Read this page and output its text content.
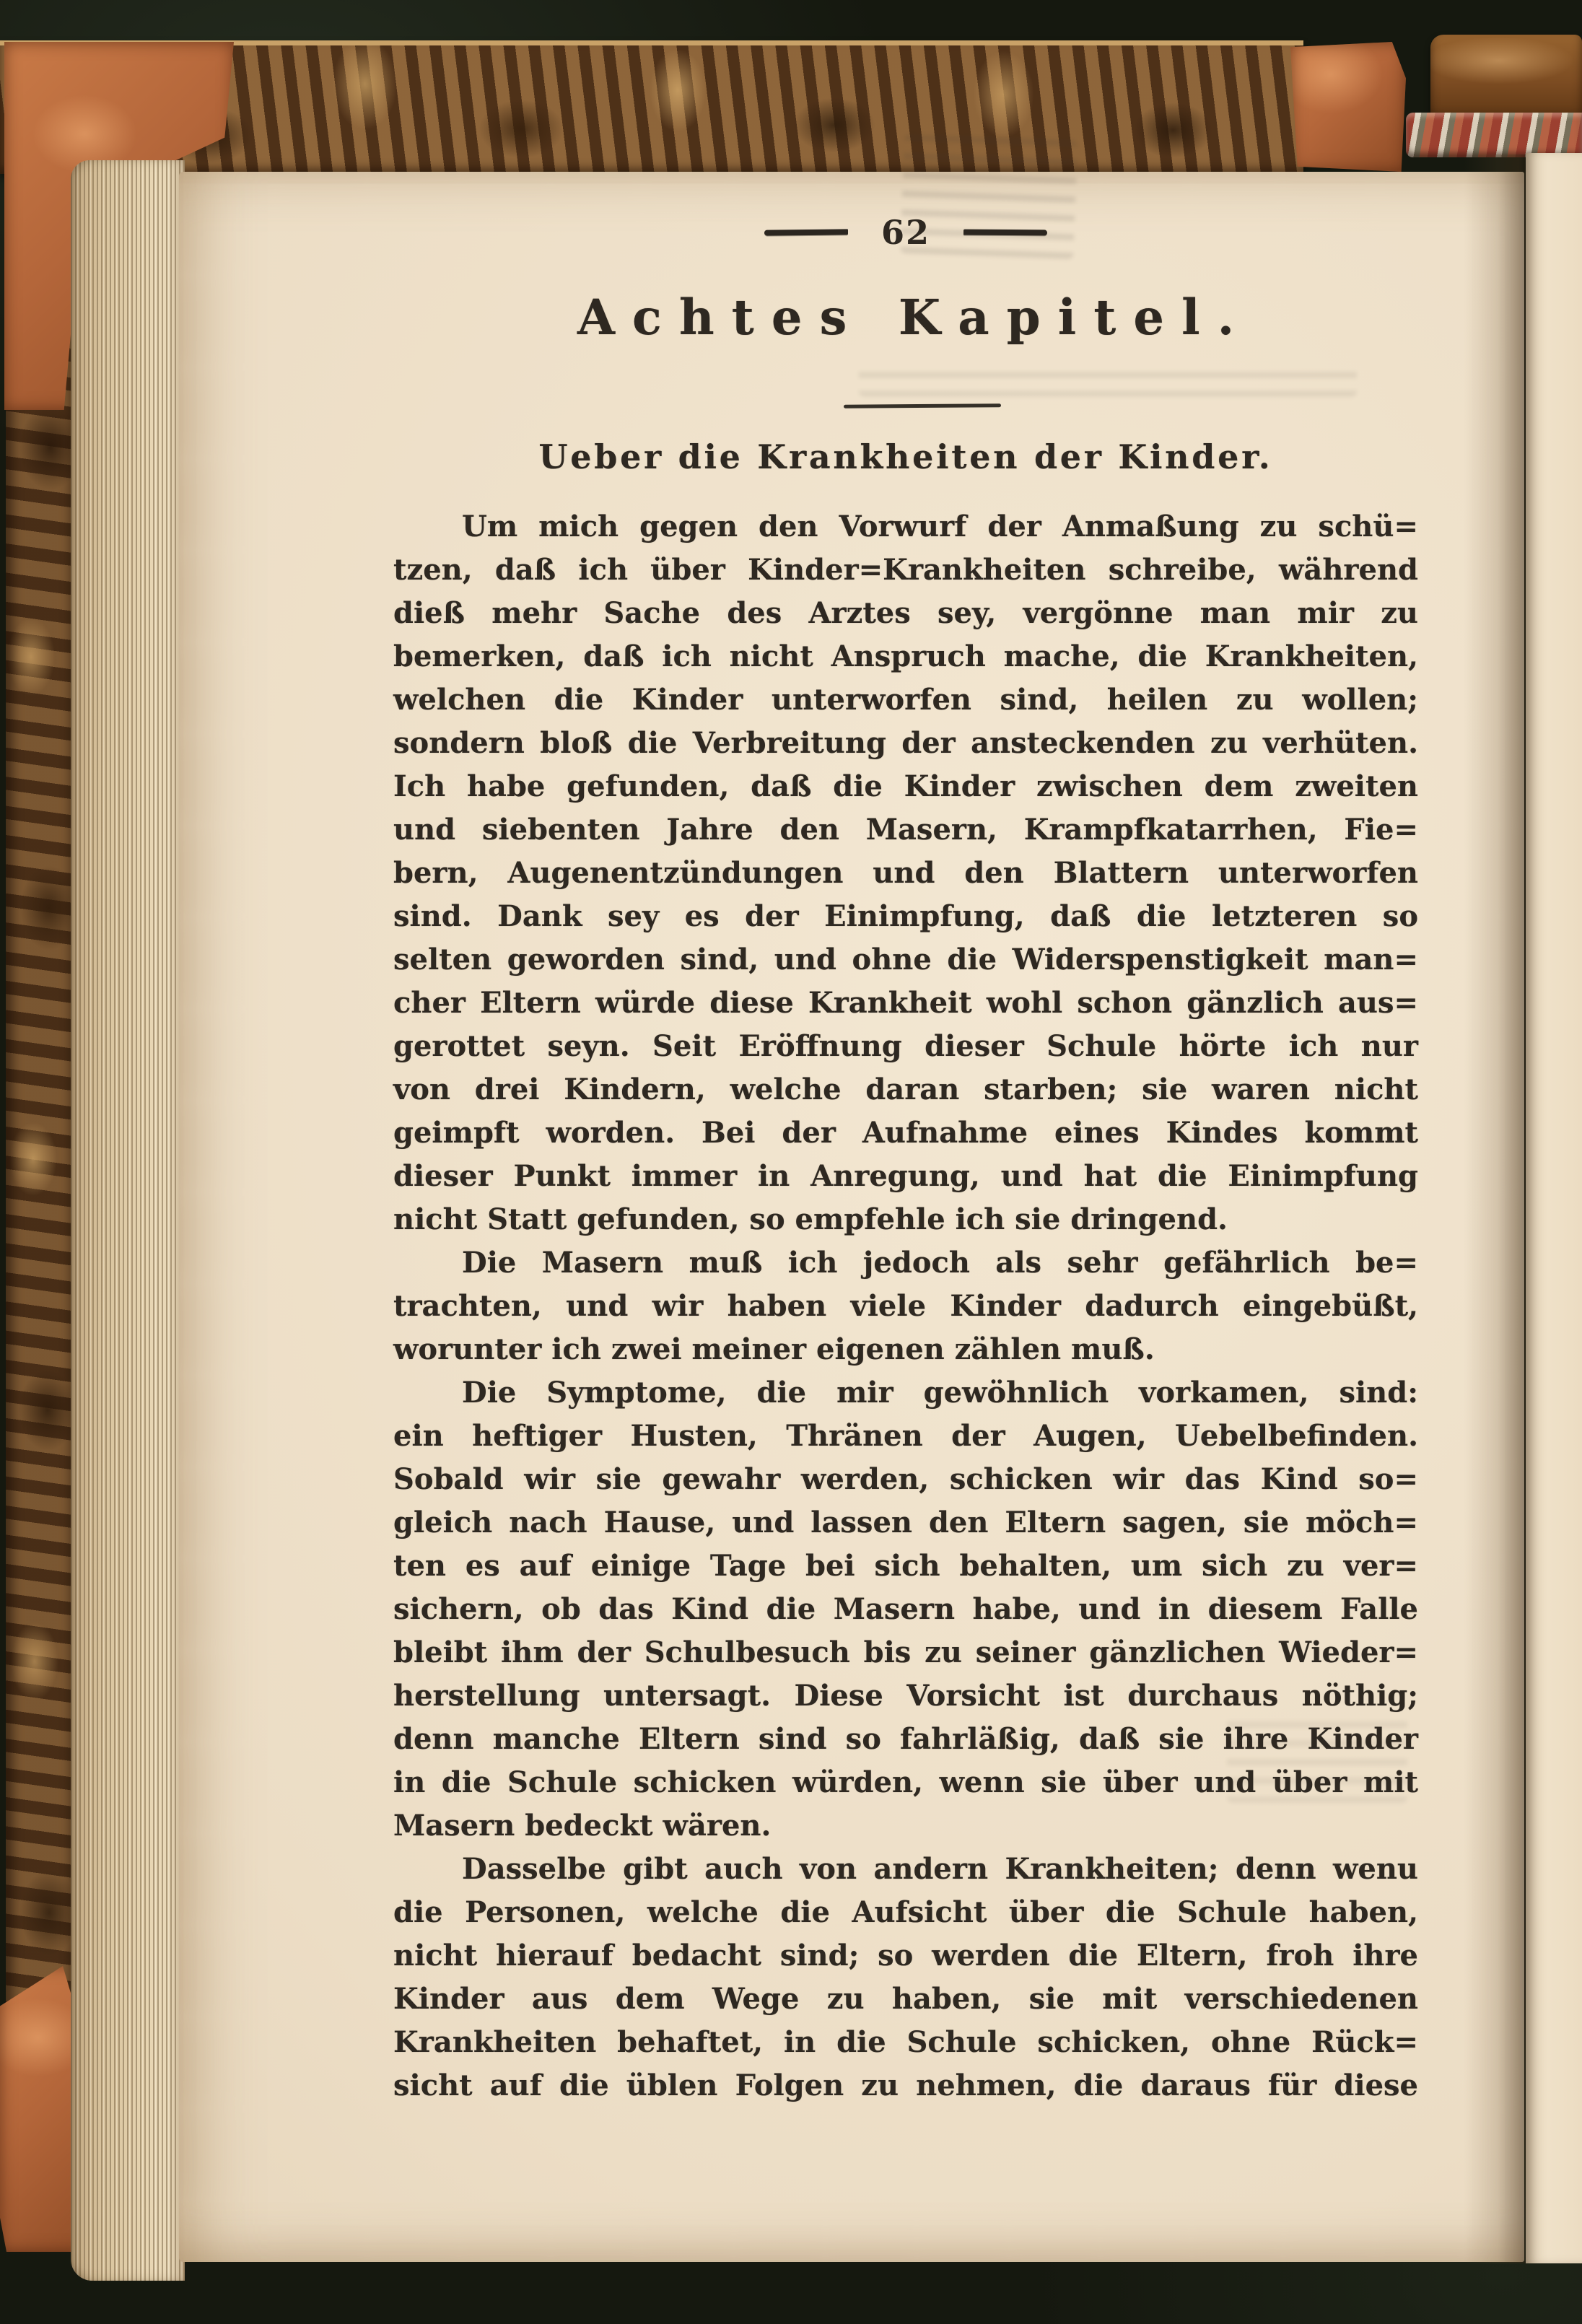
62
Achtes Kapitel.
Ueber die Krankheiten der Kinder.
Um mich gegen den Vorwurf der Anmaßung zu schü=
tzen, daß ich über Kinder=Krankheiten schreibe, während
dieß mehr Sache des Arztes sey, vergönne man mir zu
bemerken, daß ich nicht Anspruch mache, die Krankheiten,
welchen die Kinder unterworfen sind, heilen zu wollen;
sondern bloß die Verbreitung der ansteckenden zu verhüten.
Ich habe gefunden, daß die Kinder zwischen dem zweiten
und siebenten Jahre den Masern, Krampfkatarrhen, Fie=
bern, Augenentzündungen und den Blattern unterworfen
sind. Dank sey es der Einimpfung, daß die letzteren so
selten geworden sind, und ohne die Widerspenstigkeit man=
cher Eltern würde diese Krankheit wohl schon gänzlich aus=
gerottet seyn. Seit Eröffnung dieser Schule hörte ich nur
von drei Kindern, welche daran starben; sie waren nicht
geimpft worden. Bei der Aufnahme eines Kindes kommt
dieser Punkt immer in Anregung, und hat die Einimpfung
nicht Statt gefunden, so empfehle ich sie dringend.
Die Masern muß ich jedoch als sehr gefährlich be=
trachten, und wir haben viele Kinder dadurch eingebüßt,
worunter ich zwei meiner eigenen zählen muß.
Die Symptome, die mir gewöhnlich vorkamen, sind:
ein heftiger Husten, Thränen der Augen, Uebelbefinden.
Sobald wir sie gewahr werden, schicken wir das Kind so=
gleich nach Hause, und lassen den Eltern sagen, sie möch=
ten es auf einige Tage bei sich behalten, um sich zu ver=
sichern, ob das Kind die Masern habe, und in diesem Falle
bleibt ihm der Schulbesuch bis zu seiner gänzlichen Wieder=
herstellung untersagt. Diese Vorsicht ist durchaus nöthig;
denn manche Eltern sind so fahrläßig, daß sie ihre Kinder
in die Schule schicken würden, wenn sie über und über mit
Masern bedeckt wären.
Dasselbe gibt auch von andern Krankheiten; denn wenu
die Personen, welche die Aufsicht über die Schule haben,
nicht hierauf bedacht sind; so werden die Eltern, froh ihre
Kinder aus dem Wege zu haben, sie mit verschiedenen
Krankheiten behaftet, in die Schule schicken, ohne Rück=
sicht auf die üblen Folgen zu nehmen, die daraus für diese
